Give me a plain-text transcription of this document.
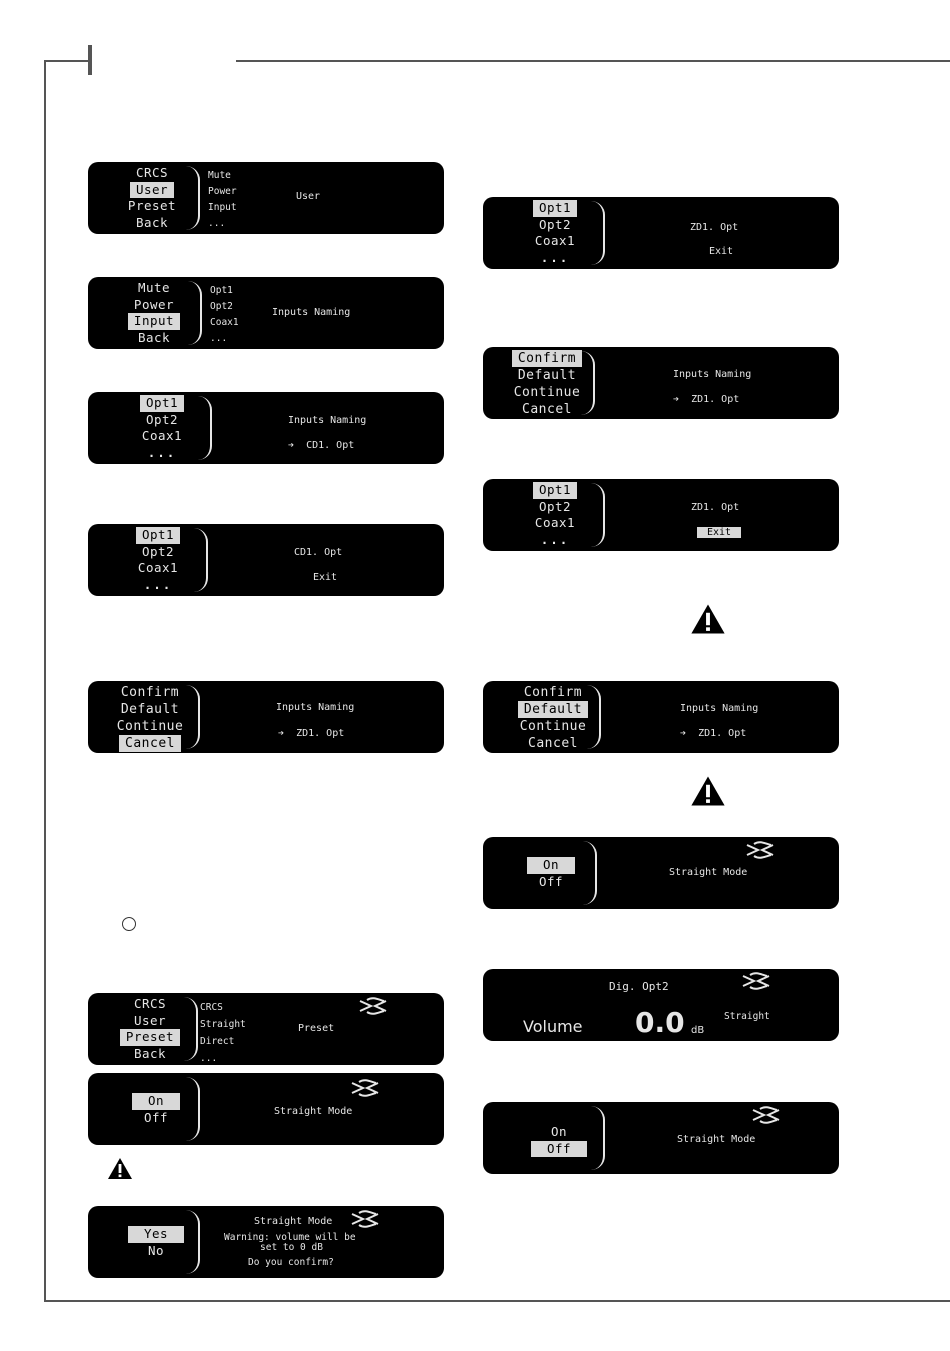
CRCS
User
Preset
Back
Mute
Power
Input
...
User
Mute
Power
Input
Back
Opt1
Opt2
Coax1
...
Inputs Naming
Opt1
Opt2
Coax1
...
Inputs Naming
➔ CD1. Opt
Opt1
Opt2
Coax1
...
CD1. Opt
Exit
Confirm
Default
Continue
Cancel
Inputs Naming
➔ ZD1. Opt
CRCS
User
Preset
Back
CRCS
Straight
Direct
...
Preset
On
Off	Straight Mode
Yes
No
Straight Mode
Warning: volume will be
set to 0 dB
Do you confirm?
Opt1
Opt2
Coax1
...
ZD1. Opt
Exit
Confirm
Default
Continue
Cancel
Inputs Naming
➔ ZD1. Opt
Opt1
Opt2
Coax1
...
ZD1. Opt
Exit
Confirm
Default
Continue
Cancel
Inputs Naming
➔ ZD1. Opt
On
Off
Straight Mode
Dig. Opt2
Volume 0.0 dB
Straight
On
Off
Straight Mode
